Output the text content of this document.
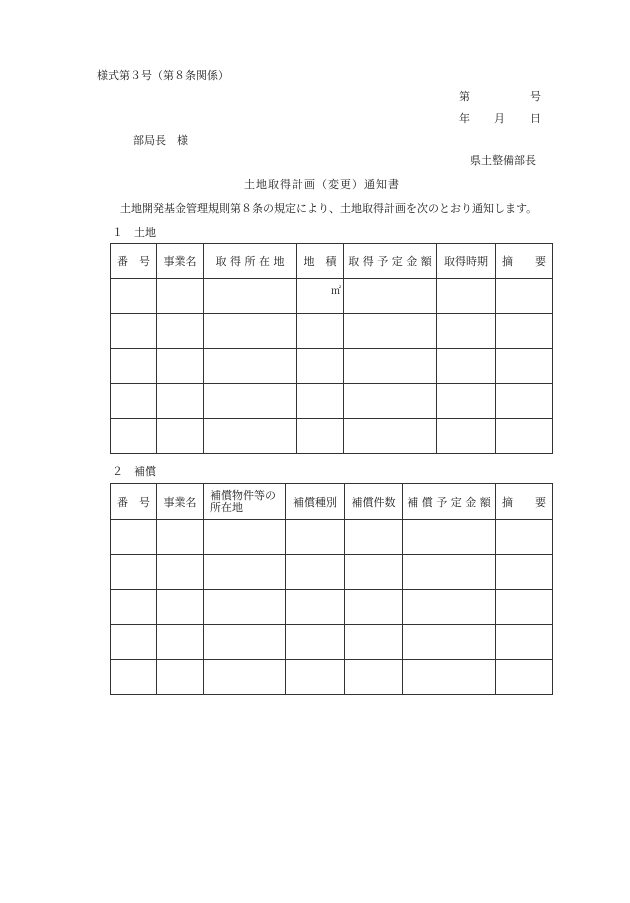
様式第３号（第８条関係）
第	号
年 月 日
部局長　様
県土整備部長
土地取得計画（変更）通知書
土地開発基金管理規則第８条の規定により、土地取得計画を次のとおり通知します。
１　土地
番　号	事業名	取 得 所 在 地	地　積	取 得 予 定 金 額	取得時期	摘　　要

			㎡			

２　補償
番　号	事業名	補償物件等の所在地	補償種別	補償件数	補 償 予 定 金 額	摘　　要
